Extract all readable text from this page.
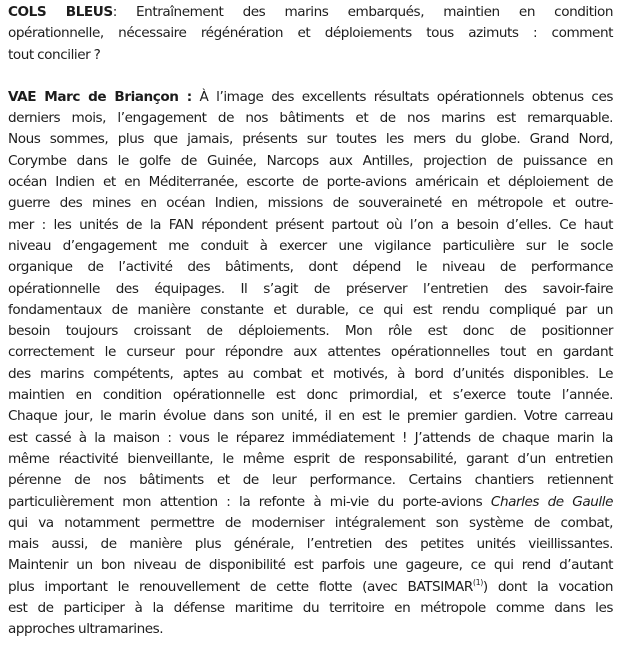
COLS BLEUS: Entraînement des marins embarqués, maintien en condition
opérationnelle, nécessaire régénération et déploiements tous azimuts : comment
tout concilier ?
VAE Marc de Briançon : À l’image des excellents résultats opérationnels obtenus ces
derniers mois, l’engagement de nos bâtiments et de nos marins est remarquable.
Nous sommes, plus que jamais, présents sur toutes les mers du globe. Grand Nord,
Corymbe dans le golfe de Guinée, Narcops aux Antilles, projection de puissance en
océan Indien et en Méditerranée, escorte de porte-avions américain et déploiement de
guerre des mines en océan Indien, missions de souveraineté en métropole et outre-
mer : les unités de la FAN répondent présent partout où l’on a besoin d’elles. Ce haut
niveau d’engagement me conduit à exercer une vigilance particulière sur le socle
organique de l’activité des bâtiments, dont dépend le niveau de performance
opérationnelle des équipages. Il s’agit de préserver l’entretien des savoir-faire
fondamentaux de manière constante et durable, ce qui est rendu compliqué par un
besoin toujours croissant de déploiements. Mon rôle est donc de positionner
correctement le curseur pour répondre aux attentes opérationnelles tout en gardant
des marins compétents, aptes au combat et motivés, à bord d’unités disponibles. Le
maintien en condition opérationnelle est donc primordial, et s’exerce toute l’année.
Chaque jour, le marin évolue dans son unité, il en est le premier gardien. Votre carreau
est cassé à la maison : vous le réparez immédiatement ! J’attends de chaque marin la
même réactivité bienveillante, le même esprit de responsabilité, garant d’un entretien
pérenne de nos bâtiments et de leur performance. Certains chantiers retiennent
particulièrement mon attention : la refonte à mi-vie du porte-avions Charles de Gaulle
qui va notamment permettre de moderniser intégralement son système de combat,
mais aussi, de manière plus générale, l’entretien des petites unités vieillissantes.
Maintenir un bon niveau de disponibilité est parfois une gageure, ce qui rend d’autant
plus important le renouvellement de cette flotte (avec BATSIMAR$^{(1)}$) dont la vocation
est de participer à la défense maritime du territoire en métropole comme dans les
approches ultramarines.
